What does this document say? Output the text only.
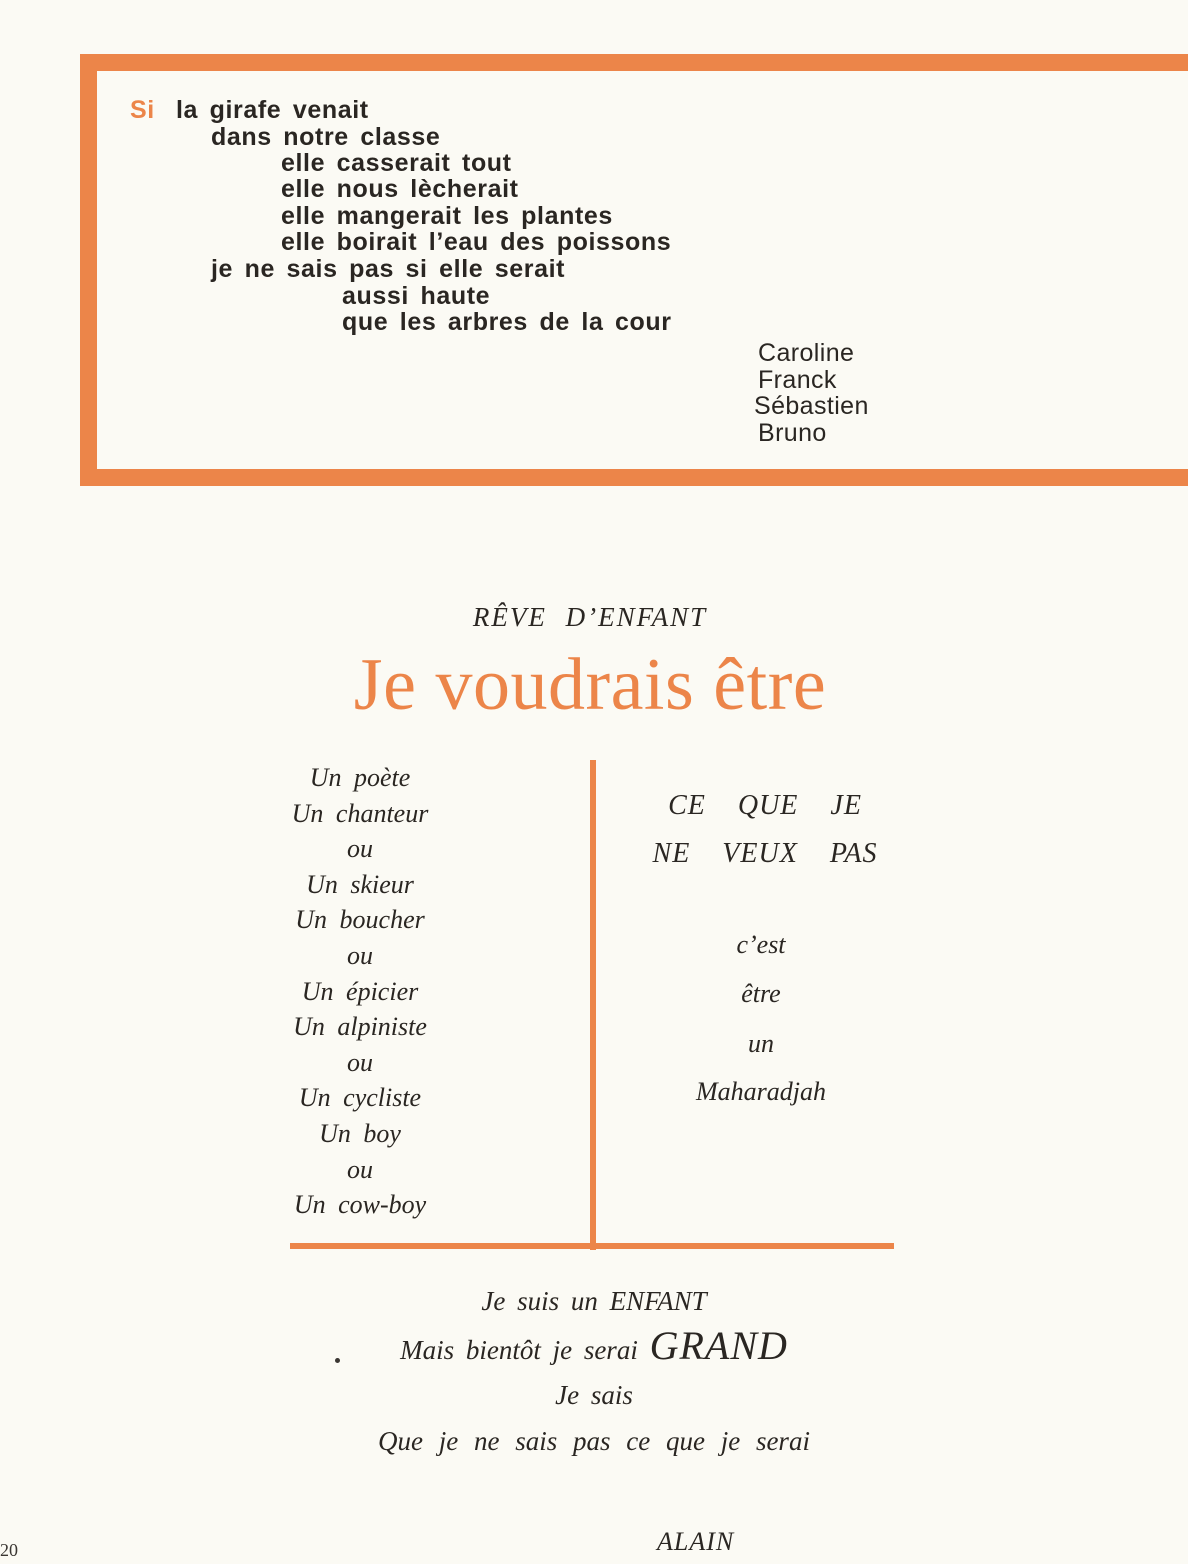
Si la girafe venait
dans notre classe
elle casserait tout
elle nous lècherait
elle mangerait les plantes
elle boirait l’eau des poissons
je ne sais pas si elle serait
aussi haute
que les arbres de la cour
Caroline
Franck
Sébastien
Bruno
RÊVE D’ENFANT
Je voudrais être
Un poète
Un chanteur
ou
Un skieur
Un boucher
ou
Un épicier
Un alpiniste
ou
Un cycliste
Un boy
ou
Un cow-boy
CE QUE JE
NE VEUX PAS
c’est
être
un
Maharadjah
Je suis un ENFANT
Mais bientôt je serai GRAND
Je sais
Que je ne sais pas ce que je serai
ALAIN
20
